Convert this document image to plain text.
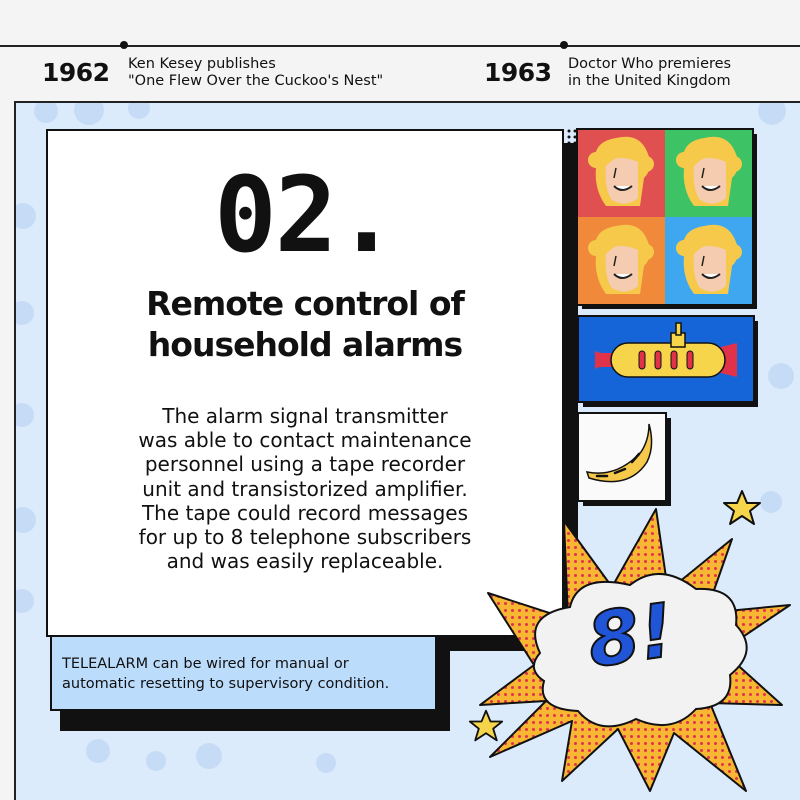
1962 Ken Kesey publishes
"One Flew Over the Cuckoo's Nest"	1963 Doctor Who premieres
in the United Kingdom
02.
Remote control of
household alarms
The alarm signal transmitter
was able to contact maintenance
personnel using a tape recorder
unit and transistorized amplifier.
The tape could record messages
for up to 8 telephone subscribers
and was easily replaceable.
TELEALARM can be wired for manual or
automatic resetting to supervisory condition.	8!
